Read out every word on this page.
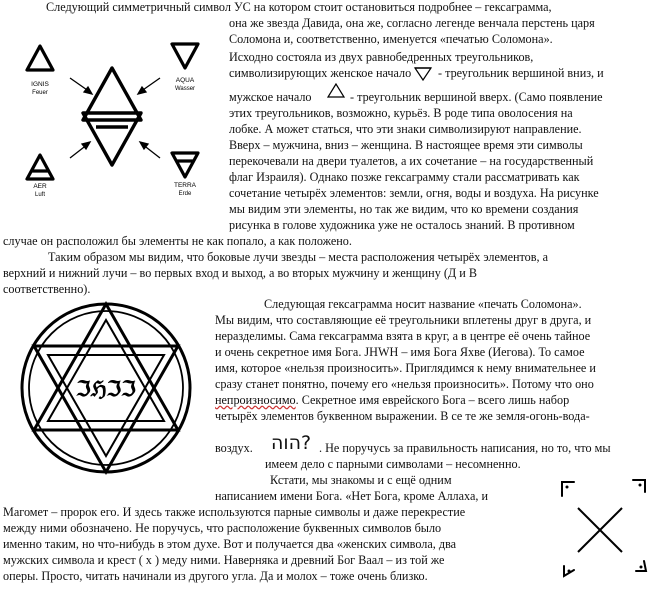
IGNIS
Feuer
AQUA
Wasser
AER
Luft
TERRA
Erde
Следующий симметричный символ УС на котором стоит остановиться подробнее – гексаграмма,
она же звезда Давида, она же, согласно легенде венчала перстень царя
Соломона и, соответственно, именуется «печатью Соломона».
Исходно состояла из двух равнобедренных треугольников,
символизирующих женское начало - треугольник вершиной вниз, и
мужское начало	- треугольник вершиной вверх. (Само появление
этих треугольников, возможно, курьёз. В роде типа оволосения на
лобке. А может статься, что эти знаки символизируют направление.
Вверх – мужчина, вниз – женщина. В настоящее время эти символы
перекочевали на двери туалетов, а их сочетание – на государственный
флаг Израиля). Однако позже гексаграмму стали рассматривать как
сочетание четырёх элементов: земли, огня, воды и воздуха. На рисунке
мы видим эти элементы, но так же видим, что ко времени создания
рисунка в голове художника уже не осталось знаний. В противном
случае он расположил бы элементы не как попало, а как положено.
Таким образом мы видим, что боковые лучи звезды – места расположения четырёх элементов, а
верхний и нижний лучи – во первых вход и выход, а во вторых мужчину и женщину (Д и В
соответственно).
ℑℌℑℑ
Следующая гексаграмма носит название «печать Соломона».
Мы видим, что составляющие её треугольники вплетены друг в друга, и
неразделимы. Сама гексаграмма взята в круг, а в центре её очень тайное
и очень секретное имя Бога. JHWH – имя Бога Яхве (Иегова). То самое
имя, которое «нельзя произносить». Приглядимся к нему внимательнее и
сразу станет понятно, почему его «нельзя произносить». Потому что оно
непроизносимо. Секретное имя еврейского Бога – всего лишь набор
четырёх элементов буквенном выражении. В се те же земля-огонь-вода-
воздух. הוה? . Не поручусь за правильность написания, но то, что мы
имеем дело с парными символами – несомненно.
Кстати, мы знакомы и с ещё одним
написанием имени Бога. «Нет Бога, кроме Аллаха, и
Магомет – пророк его. И здесь также используются парные символы и даже перекрестие
между ними обозначено. Не поручусь, что расположение буквенных символов было
именно таким, но что-нибудь в этом духе. Вот и получается два «женских символа, два
мужских символа и крест ( х ) меду ними. Наверняка и древний Бог Ваал – из той же
оперы. Просто, читать начинали из другого угла. Да и молох – тоже очень близко.
